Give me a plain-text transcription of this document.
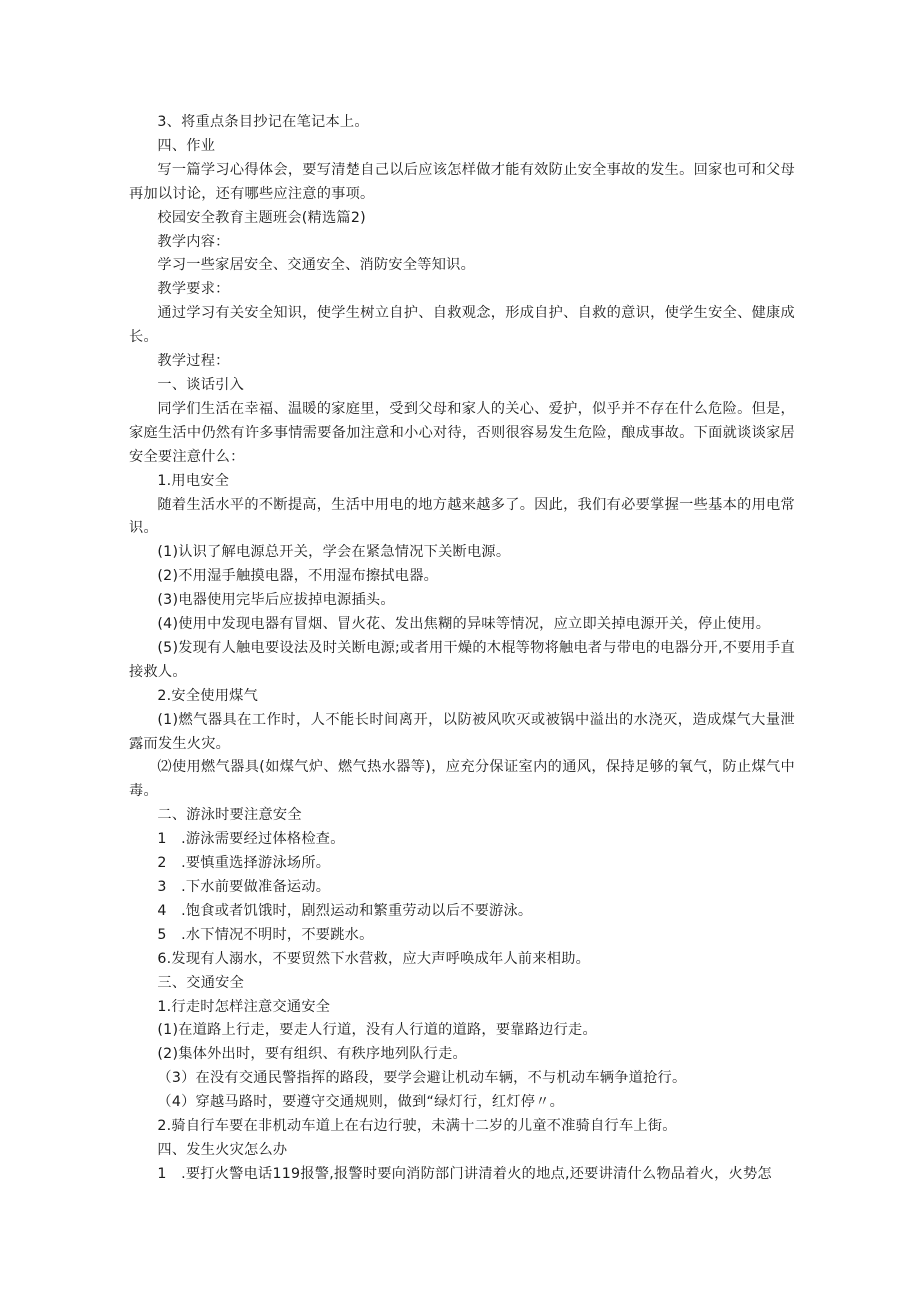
3、将重点条目抄记在笔记本上。

四、作业

写一篇学习心得体会，要写清楚自己以后应该怎样做才能有效防止安全事故的发生。回家也可和父母再加以讨论，还有哪些应注意的事项。

校园安全教育主题班会(精选篇2)

教学内容：

学习一些家居安全、交通安全、消防安全等知识。

教学要求：

通过学习有关安全知识，使学生树立自护、自救观念，形成自护、自救的意识，使学生安全、健康成长。

教学过程：

一、谈话引入

同学们生活在幸福、温暖的家庭里，受到父母和家人的关心、爱护，似乎并不存在什么危险。但是，家庭生活中仍然有许多事情需要备加注意和小心对待，否则很容易发生危险，酿成事故。下面就谈谈家居安全要注意什么：

1.用电安全

随着生活水平的不断提高，生活中用电的地方越来越多了。因此，我们有必要掌握一些基本的用电常识。

(1)认识了解电源总开关，学会在紧急情况下关断电源。

(2)不用湿手触摸电器，不用湿布擦拭电器。

(3)电器使用完毕后应拔掉电源插头。

(4)使用中发现电器有冒烟、冒火花、发出焦糊的异味等情况，应立即关掉电源开关，停止使用。

(5)发现有人触电要设法及时关断电源;或者用干燥的木棍等物将触电者与带电的电器分开,不要用手直接救人。

2.安全使用煤气

(1)燃气器具在工作时，人不能长时间离开，以防被风吹灭或被锅中溢出的水浇灭，造成煤气大量泄露而发生火灾。

⑵使用燃气器具(如煤气炉、燃气热水器等)，应充分保证室内的通风，保持足够的氧气，防止煤气中毒。

二、游泳时要注意安全

1　.游泳需要经过体格检查。

2　.要慎重选择游泳场所。

3　.下水前要做准备运动。

4　.饱食或者饥饿时，剧烈运动和繁重劳动以后不要游泳。

5　.水下情况不明时，不要跳水。

6.发现有人溺水，不要贸然下水营救，应大声呼唤成年人前来相助。

三、交通安全

1.行走时怎样注意交通安全

(1)在道路上行走，要走人行道，没有人行道的道路，要靠路边行走。

(2)集体外出时，要有组织、有秩序地列队行走。

（3）在没有交通民警指挥的路段，要学会避让机动车辆，不与机动车辆争道抢行。

（4）穿越马路时，要遵守交通规则，做到“绿灯行，红灯停〃。

2.骑自行车要在非机动车道上在右边行驶，未满十二岁的儿童不准骑自行车上街。

四、发生火灾怎么办

1　.要打火警电话119报警,报警时要向消防部门讲清着火的地点,还要讲清什么物品着火，火势怎
